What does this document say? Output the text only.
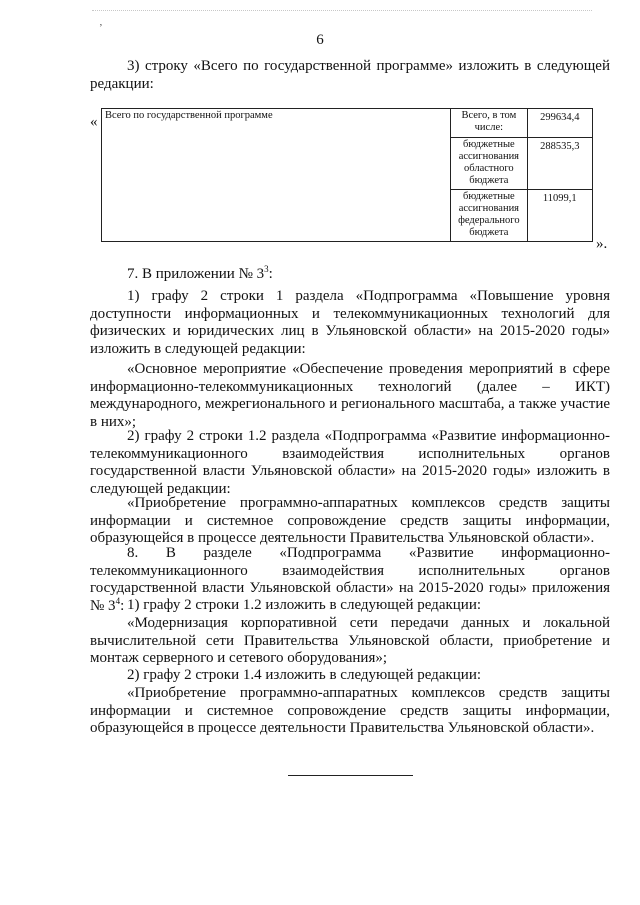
‚
6
3) строку «Всего по государственной программе» изложить в следующей редакции:
« Всего по государственной программе	Всего, в том числе:	299634,4
	бюджетные ассигнования областного бюджета	288535,3
	бюджетные ассигнования федерального бюджета	11099,1
».
7. В приложении № $3^3$:
1) графу 2 строки 1 раздела «Подпрограмма «Повышение уровня доступности информационных и телекоммуникационных технологий для физических и юридических лиц в Ульяновской области» на 2015-2020 годы» изложить в следующей редакции:
«Основное мероприятие «Обеспечение проведения мероприятий в сфере информационно-телекоммуникационных технологий (далее – ИКТ) международного, межрегионального и регионального масштаба, а также участие в них»;
2) графу 2 строки 1.2 раздела «Подпрограмма «Развитие информационно-телекоммуникационного взаимодействия исполнительных органов государственной власти Ульяновской области» на 2015-2020 годы» изложить в следующей редакции:
«Приобретение программно-аппаратных комплексов средств защиты информации и системное сопровождение средств защиты информации, образующейся в процессе деятельности Правительства Ульяновской области».
8. В разделе «Подпрограмма «Развитие информационно-телекоммуникационного взаимодействия исполнительных органов государственной власти Ульяновской области» на 2015-2020 годы» приложения № $3^4$: 1) графу 2 строки 1.2 изложить в следующей редакции:
«Модернизация корпоративной сети передачи данных и локальной вычислительной сети Правительства Ульяновской области, приобретение и монтаж серверного и сетевого оборудования»;
2) графу 2 строки 1.4 изложить в следующей редакции:
«Приобретение программно-аппаратных комплексов средств защиты информации и системное сопровождение средств защиты информации, образующейся в процессе деятельности Правительства Ульяновской области».
